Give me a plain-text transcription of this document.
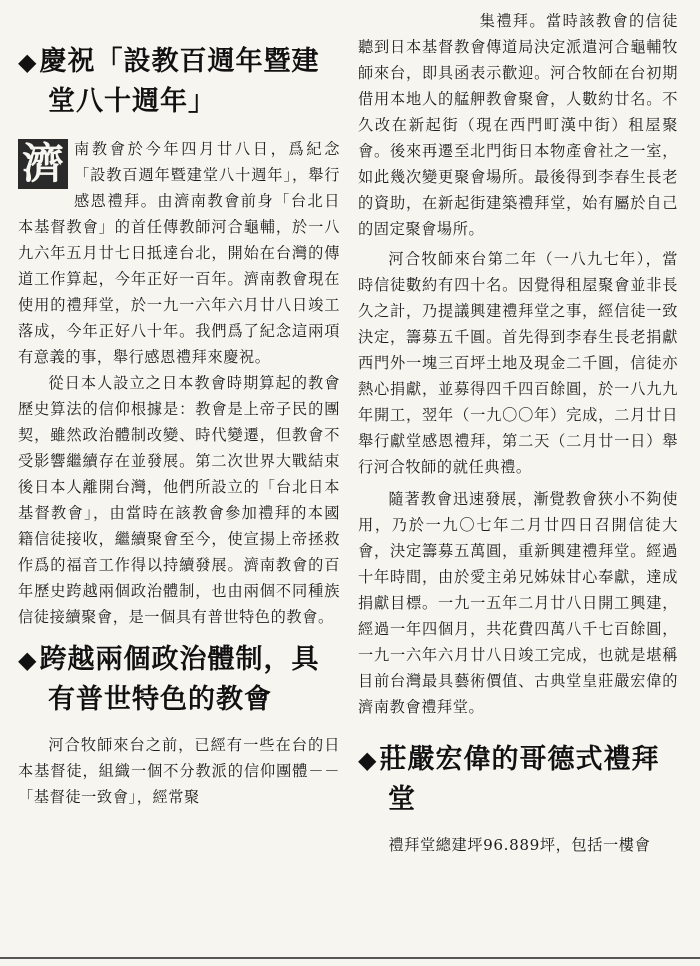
◆慶祝「設教百週年暨建
堂八十週年」
濟 南教會於今年四月廿八日，爲紀念「設教百週年暨建堂八十週年」，舉行感恩禮拜。由濟南教會前身「台北日本基督教會」的首任傳教師河合龜輔，於一八九六年五月廿七日抵達台北，開始在台灣的傳道工作算起，今年正好一百年。濟南教會現在使用的禮拜堂，於一九一六年六月廿八日竣工落成，今年正好八十年。我們爲了紀念這兩項有意義的事，舉行感恩禮拜來慶祝。

從日本人設立之日本教會時期算起的教會歷史算法的信仰根據是：教會是上帝子民的團契，雖然政治體制改變、時代變遷，但教會不受影響繼續存在並發展。第二次世界大戰結束後日本人離開台灣，他們所設立的「台北日本基督教會」，由當時在該教會參加禮拜的本國籍信徒接收，繼續聚會至今，使宣揚上帝拯救作爲的福音工作得以持續發展。濟南教會的百年歷史跨越兩個政治體制，也由兩個不同種族信徒接續聚會，是一個具有普世特色的教會。

◆跨越兩個政治體制，具
有普世特色的教會

河合牧師來台之前，已經有一些在台的日本基督徒，組織一個不分教派的信仰團體－－「基督徒一致會」，經常聚

集禮拜。當時該教會的信徒聽到日本基督教會傳道局決定派遣河合龜輔牧師來台，即具函表示歡迎。河合牧師在台初期借用本地人的艋舺教會聚會，人數約廿名。不久改在新起街（現在西門町漢中街）租屋聚會。後來再遷至北門街日本物產會社之一室，如此幾次變更聚會場所。最後得到李春生長老的資助，在新起街建築禮拜堂，始有屬於自己的固定聚會場所。

河合牧師來台第二年（一八九七年），當時信徒數約有四十名。因覺得租屋聚會並非長久之計，乃提議興建禮拜堂之事，經信徒一致決定，籌募五千圓。首先得到李春生長老捐獻西門外一塊三百坪土地及現金二千圓，信徒亦熱心捐獻，並募得四千四百餘圓，於一八九九年開工，翌年（一九〇〇年）完成，二月廿日舉行獻堂感恩禮拜，第二天（二月廿一日）舉行河合牧師的就任典禮。

隨著教會迅速發展，漸覺教會狹小不夠使用，乃於一九〇七年二月廿四日召開信徒大會，決定籌募五萬圓，重新興建禮拜堂。經過十年時間，由於愛主弟兄姊妹甘心奉獻，達成捐獻目標。一九一五年二月廿八日開工興建，經過一年四個月，共花費四萬八千七百餘圓，一九一六年六月廿八日竣工完成，也就是堪稱目前台灣最具藝術價值、古典堂皇莊嚴宏偉的濟南教會禮拜堂。

◆莊嚴宏偉的哥德式禮拜
堂

禮拜堂總建坪96.889坪，包括一樓會
